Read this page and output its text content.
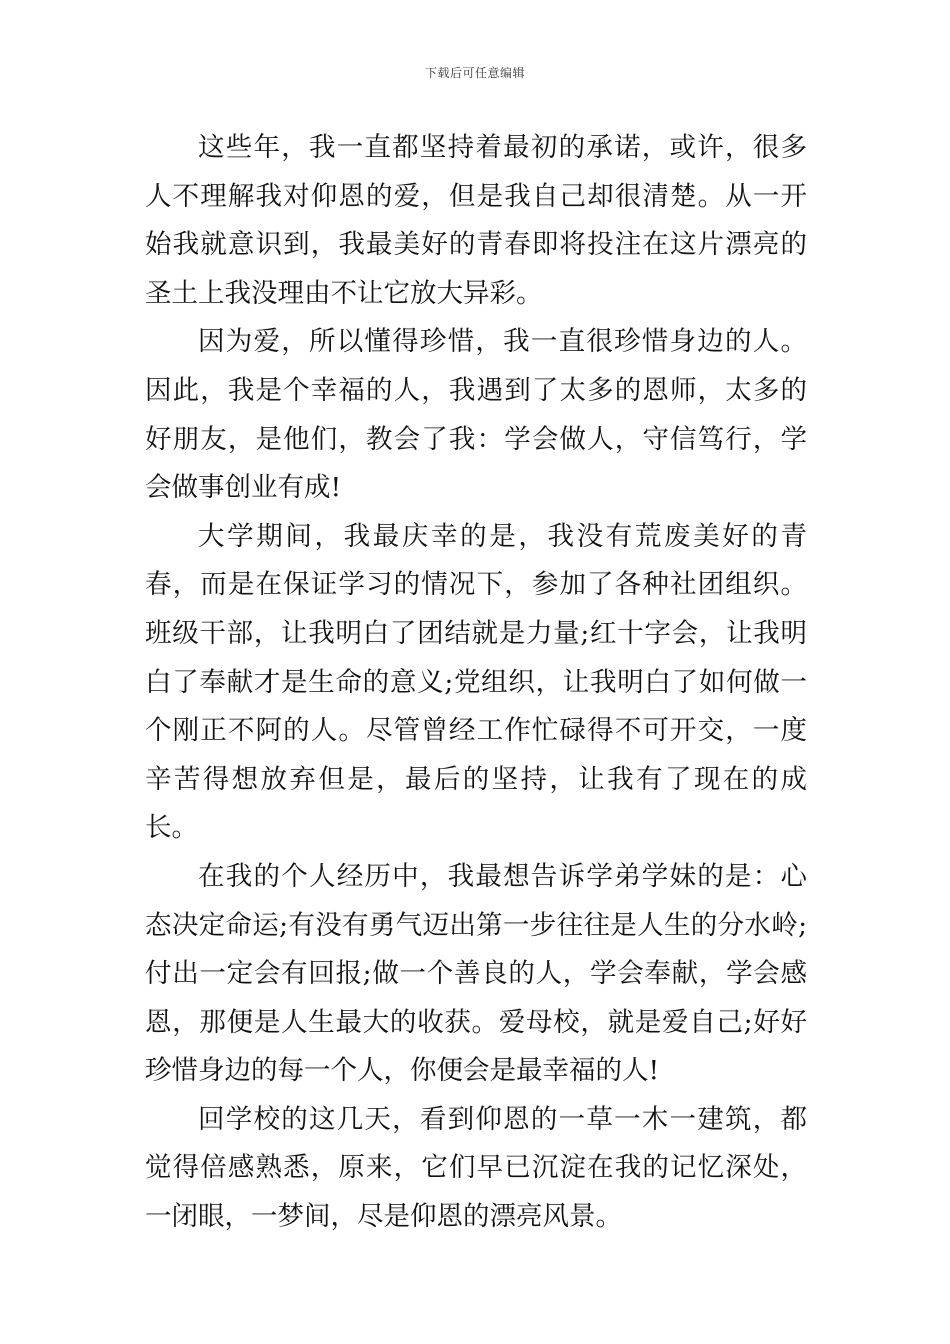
下载后可任意编辑

这些年，我一直都坚持着最初的承诺，或许，很多人不理解我对仰恩的爱，但是我自己却很清楚。从一开始我就意识到，我最美好的青春即将投注在这片漂亮的圣土上我没理由不让它放大异彩。

因为爱，所以懂得珍惜，我一直很珍惜身边的人。因此，我是个幸福的人，我遇到了太多的恩师，太多的好朋友，是他们，教会了我：学会做人，守信笃行，学会做事创业有成!

大学期间，我最庆幸的是，我没有荒废美好的青春，而是在保证学习的情况下，参加了各种社团组织。班级干部，让我明白了团结就是力量;红十字会，让我明白了奉献才是生命的意义;党组织，让我明白了如何做一个刚正不阿的人。尽管曾经工作忙碌得不可开交，一度辛苦得想放弃但是，最后的坚持，让我有了现在的成长。

在我的个人经历中，我最想告诉学弟学妹的是：心态决定命运;有没有勇气迈出第一步往往是人生的分水岭;付出一定会有回报;做一个善良的人，学会奉献，学会感恩，那便是人生最大的收获。爱母校，就是爱自己;好好珍惜身边的每一个人，你便会是最幸福的人!

回学校的这几天，看到仰恩的一草一木一建筑，都觉得倍感熟悉，原来，它们早已沉淀在我的记忆深处，一闭眼，一梦间，尽是仰恩的漂亮风景。
